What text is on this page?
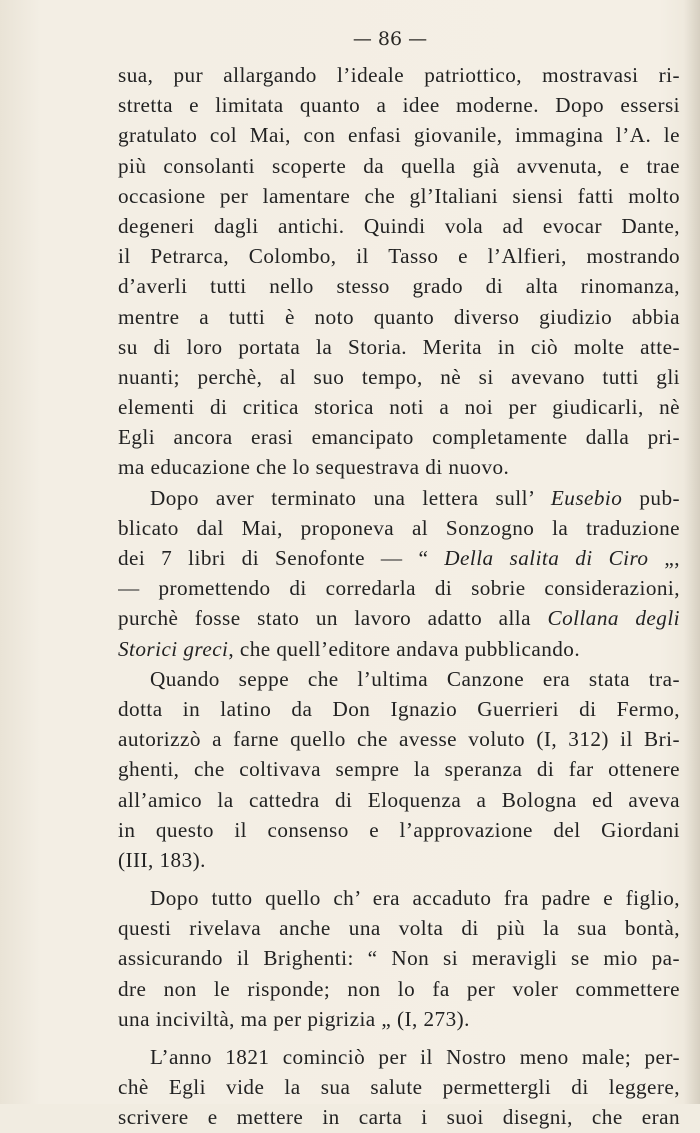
— 86 —
sua, pur allargando l’ideale patriottico, mostravasi ri-
stretta e limitata quanto a idee moderne. Dopo essersi
gratulato col Mai, con enfasi giovanile, immagina l’A. le
più consolanti scoperte da quella già avvenuta, e trae
occasione per lamentare che gl’Italiani siensi fatti molto
degeneri dagli antichi. Quindi vola ad evocar Dante,
il Petrarca, Colombo, il Tasso e l’Alfieri, mostrando
d’averli tutti nello stesso grado di alta rinomanza,
mentre a tutti è noto quanto diverso giudizio abbia
su di loro portata la Storia. Merita in ciò molte atte-
nuanti; perchè, al suo tempo, nè si avevano tutti gli
elementi di critica storica noti a noi per giudicarli, nè
Egli ancora erasi emancipato completamente dalla pri-
ma educazione che lo sequestrava di nuovo.
Dopo aver terminato una lettera sull’ Eusebio pub-
blicato dal Mai, proponeva al Sonzogno la traduzione
dei 7 libri di Senofonte — “ Della salita di Ciro „,
— promettendo di corredarla di sobrie considerazioni,
purchè fosse stato un lavoro adatto alla Collana degli
Storici greci, che quell’editore andava pubblicando.
Quando seppe che l’ultima Canzone era stata tra-
dotta in latino da Don Ignazio Guerrieri di Fermo,
autorizzò a farne quello che avesse voluto (I, 312) il Bri-
ghenti, che coltivava sempre la speranza di far ottenere
all’amico la cattedra di Eloquenza a Bologna ed aveva
in questo il consenso e l’approvazione del Giordani
(III, 183).
Dopo tutto quello ch’ era accaduto fra padre e figlio,
questi rivelava anche una volta di più la sua bontà,
assicurando il Brighenti: “ Non si meravigli se mio pa-
dre non le risponde; non lo fa per voler commettere
una inciviltà, ma per pigrizia „ (I, 273).
L’anno 1821 cominciò per il Nostro meno male; per-
chè Egli vide la sua salute permettergli di leggere,
scrivere e mettere in carta i suoi disegni, che eran
